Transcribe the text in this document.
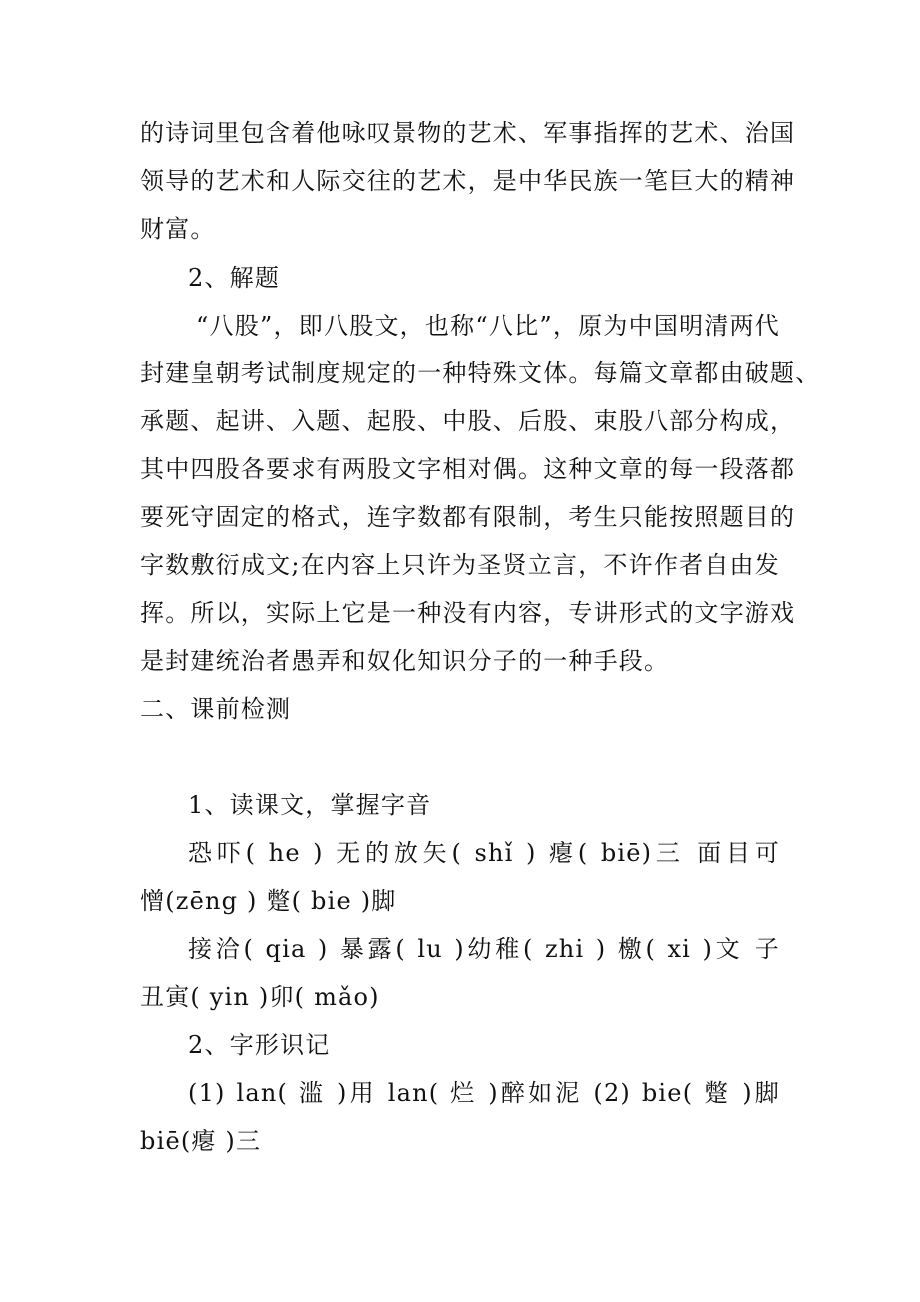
的诗词里包含着他咏叹景物的艺术、军事指挥的艺术、治国
领导的艺术和人际交往的艺术，是中华民族一笔巨大的精神
财富。
2、解题
“八股”，即八股文，也称“八比”，原为中国明清两代
封建皇朝考试制度规定的一种特殊文体。每篇文章都由破题、
承题、起讲、入题、起股、中股、后股、束股八部分构成，
其中四股各要求有两股文字相对偶。这种文章的每一段落都
要死守固定的格式，连字数都有限制，考生只能按照题目的
字数敷衍成文;在内容上只许为圣贤立言，不许作者自由发
挥。所以，实际上它是一种没有内容，专讲形式的文字游戏
是封建统治者愚弄和奴化知识分子的一种手段。
二、课前检测
1、读课文，掌握字音
恐吓( he ) 无的放矢( shǐ ) 瘪( biē)三 面目可
憎(zēng ) 蹩( bie )脚
接洽( qia ) 暴露( lu )幼稚( zhi ) 檄( xi )文 子
丑寅( yin )卯( mǎo)
2、字形识记
(1) lan( 滥 )用 lan( 烂 )醉如泥 (2) bie( 蹩 )脚
biē(瘪 )三
